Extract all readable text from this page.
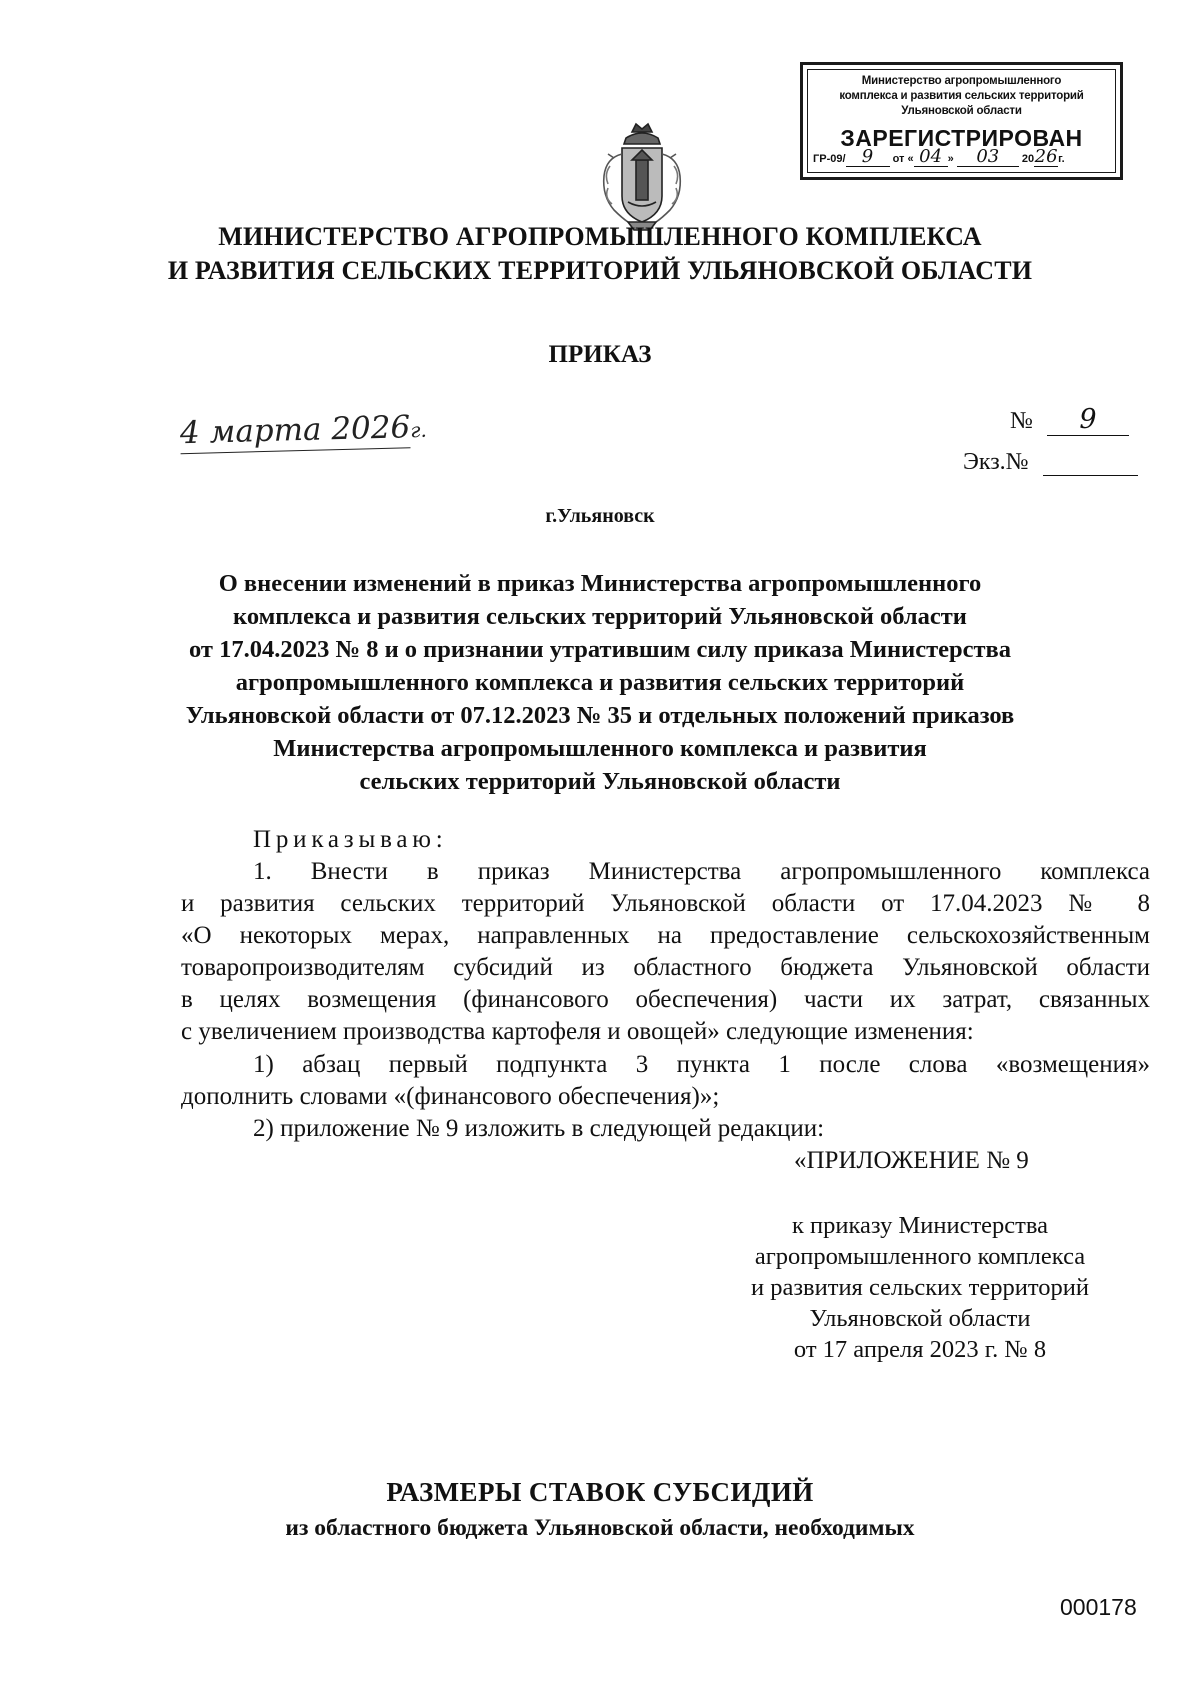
Министерство агропромышленного
комплекса и развития сельских территорий
Ульяновской области
ЗАРЕГИСТРИРОВАН
ГР-09/ 9 от « 04 » 03 2026г.
МИНИСТЕРСТВО АГРОПРОМЫШЛЕННОГО КОМПЛЕКСА
И РАЗВИТИЯ СЕЛЬСКИХ ТЕРРИТОРИЙ УЛЬЯНОВСКОЙ ОБЛАСТИ
ПРИКАЗ
4 марта 2026г.	№ 9
Экз.№
г.Ульяновск
О внесении изменений в приказ Министерства агропромышленного
комплекса и развития сельских территорий Ульяновской области
от 17.04.2023 № 8 и о признании утратившим силу приказа Министерства
агропромышленного комплекса и развития сельских территорий
Ульяновской области от 07.12.2023 № 35 и отдельных положений приказов
Министерства агропромышленного комплекса и развития
сельских территорий Ульяновской области
Приказываю:
1. Внести в приказ Министерства агропромышленного комплекса
и развития сельских территорий Ульяновской области от 17.04.2023 № 8
«О некоторых мерах, направленных на предоставление сельскохозяйственным
товаропроизводителям субсидий из областного бюджета Ульяновской области
в целях возмещения (финансового обеспечения) части их затрат, связанных
с увеличением производства картофеля и овощей» следующие изменения:
1) абзац первый подпункта 3 пункта 1 после слова «возмещения»
дополнить словами «(финансового обеспечения)»;
2) приложение № 9 изложить в следующей редакции:
«ПРИЛОЖЕНИЕ № 9
к приказу Министерства
агропромышленного комплекса
и развития сельских территорий
Ульяновской области
от 17 апреля 2023 г. № 8
РАЗМЕРЫ СТАВОК СУБСИДИЙ
из областного бюджета Ульяновской области, необходимых
000178
